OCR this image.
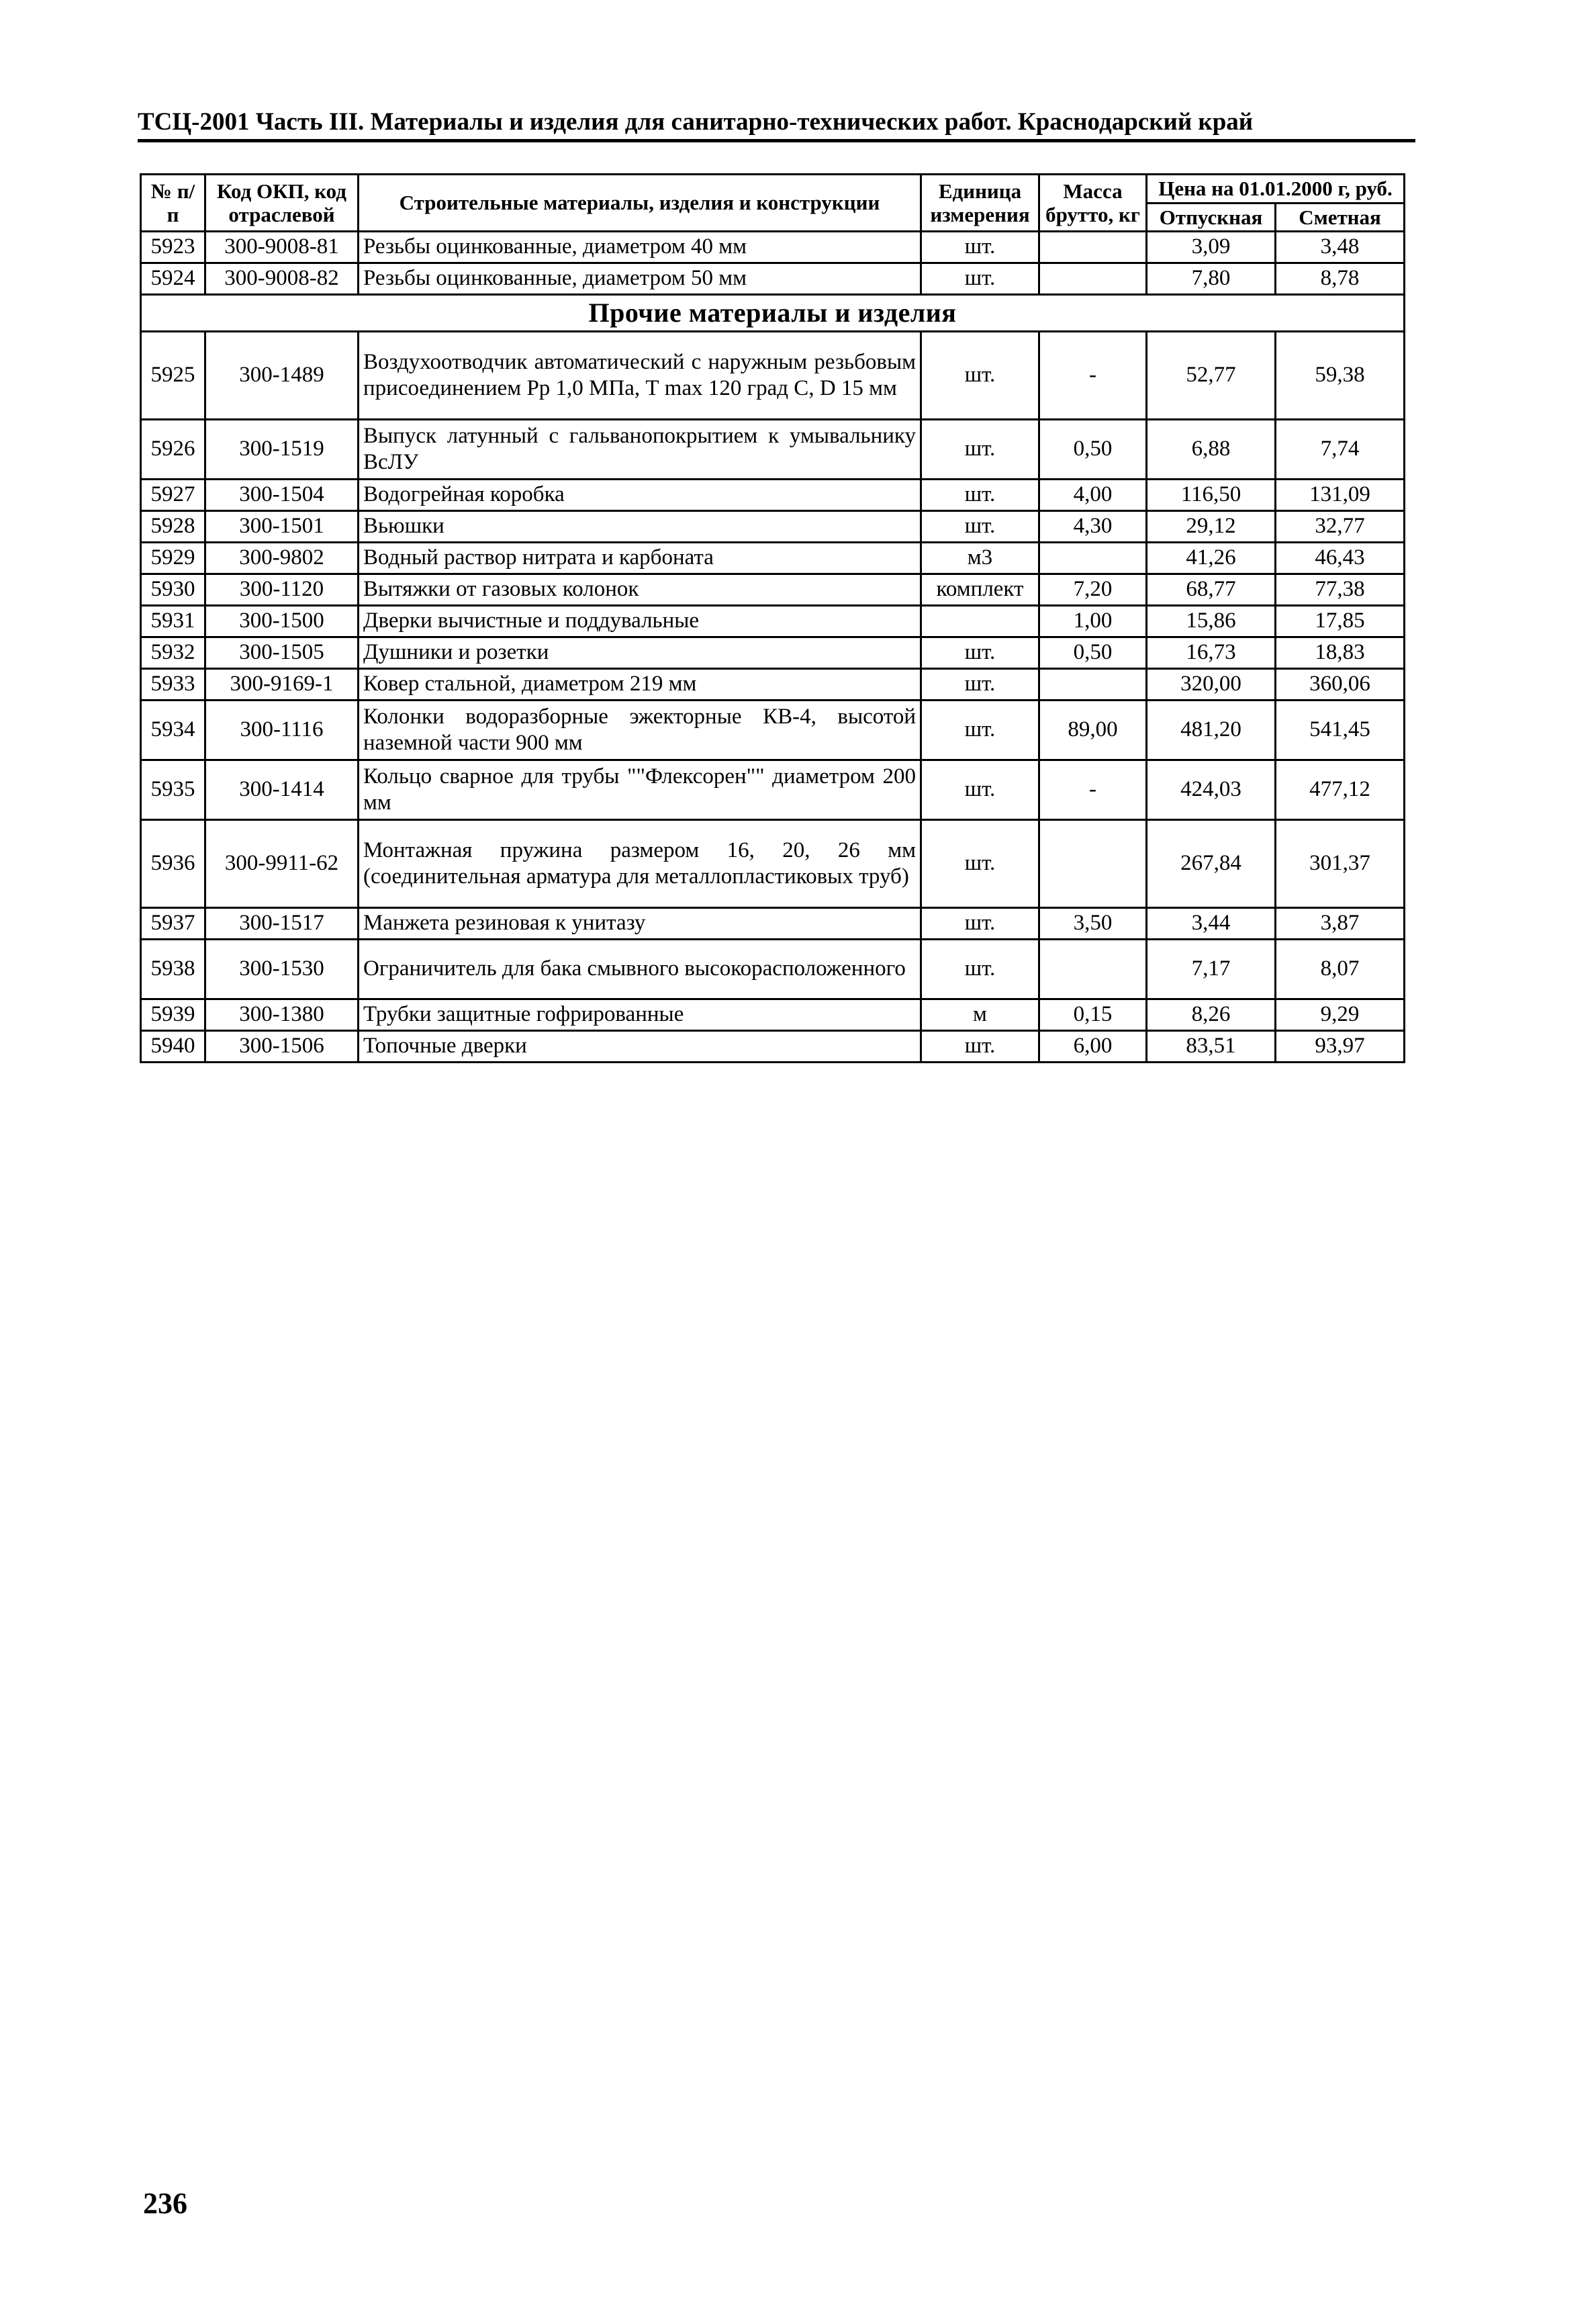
ТСЦ-2001 Часть III. Материалы и изделия для санитарно-технических работ. Краснодарский край
№ п/п	Код ОКП, код отраслевой	Строительные материалы, изделия и конструкции	Единица измерения	Масса брутто, кг	Цена на 01.01.2000 г, руб.	
					Отпускная	Сметная
5923	300-9008-81	Резьбы оцинкованные, диаметром 40 мм	шт.		3,09	3,48
5924	300-9008-82	Резьбы оцинкованные, диаметром 50 мм	шт.		7,80	8,78
Прочие материалы и изделия						
5925	300-1489	Воздухоотводчик автоматический с наружным резьбовым присоединением Рр 1,0 МПа, Т max 120 град С, D 15 мм	шт.	-	52,77	59,38
5926	300-1519	Выпуск латунный с гальванопокрытием к умывальнику ВсЛУ	шт.	0,50	6,88	7,74
5927	300-1504	Водогрейная коробка	шт.	4,00	116,50	131,09
5928	300-1501	Вьюшки	шт.	4,30	29,12	32,77
5929	300-9802	Водный раствор нитрата и карбоната	м3		41,26	46,43
5930	300-1120	Вытяжки от газовых колонок	комплект	7,20	68,77	77,38
5931	300-1500	Дверки вычистные и поддувальные		1,00	15,86	17,85
5932	300-1505	Душники и розетки	шт.	0,50	16,73	18,83
5933	300-9169-1	Ковер стальной, диаметром 219 мм	шт.		320,00	360,06
5934	300-1116	Колонки водоразборные эжекторные КВ-4, высотой наземной части 900 мм	шт.	89,00	481,20	541,45
5935	300-1414	Кольцо сварное для трубы ""Флексорен"" диаметром 200 мм	шт.	-	424,03	477,12
5936	300-9911-62	Монтажная пружина размером 16, 20, 26 мм (соединительная арматура для металлопластиковых труб)	шт.		267,84	301,37
5937	300-1517	Манжета резиновая к унитазу	шт.	3,50	3,44	3,87
5938	300-1530	Ограничитель для бака смывного высокорасположенного	шт.		7,17	8,07
5939	300-1380	Трубки защитные гофрированные	м	0,15	8,26	9,29
5940	300-1506	Топочные дверки	шт.	6,00	83,51	93,97
236
